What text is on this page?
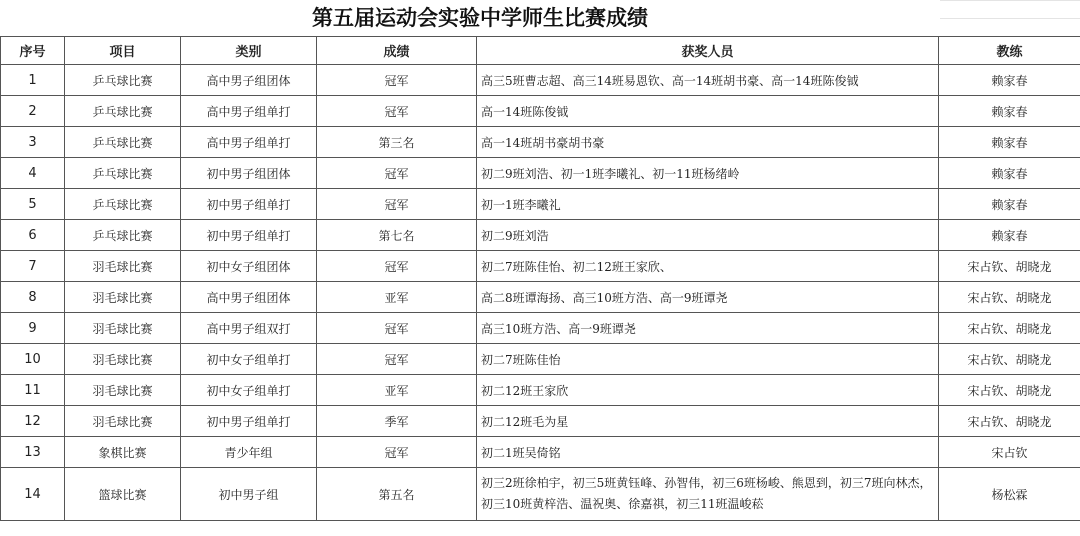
第五届运动会实验中学师生比赛成绩
序号	项目	类别	成绩	获奖人员	教练
1	乒乓球比赛	高中男子组团体	冠军	高三5班曹志超、高三14班易恩钦、高一14班胡书豪、高一14班陈俊钺	赖家春
2	乒乓球比赛	高中男子组单打	冠军	高一14班陈俊钺	赖家春
3	乒乓球比赛	高中男子组单打	第三名	高一14班胡书豪胡书豪	赖家春
4	乒乓球比赛	初中男子组团体	冠军	初二9班刘浩、初一1班李曦礼、初一11班杨绪岭	赖家春
5	乒乓球比赛	初中男子组单打	冠军	初一1班李曦礼	赖家春
6	乒乓球比赛	初中男子组单打	第七名	初二9班刘浩	赖家春
7	羽毛球比赛	初中女子组团体	冠军	初二7班陈佳怡、初二12班王家欣、	宋占钦、胡晓龙
8	羽毛球比赛	高中男子组团体	亚军	高二8班谭海扬、高三10班方浩、高一9班谭尧	宋占钦、胡晓龙
9	羽毛球比赛	高中男子组双打	冠军	高三10班方浩、高一9班谭尧	宋占钦、胡晓龙
10	羽毛球比赛	初中女子组单打	冠军	初二7班陈佳怡	宋占钦、胡晓龙
11	羽毛球比赛	初中女子组单打	亚军	初二12班王家欣	宋占钦、胡晓龙
12	羽毛球比赛	初中男子组单打	季军	初二12班毛为星	宋占钦、胡晓龙
13	象棋比赛	青少年组	冠军	初二1班吴倚铭	宋占钦
14	篮球比赛	初中男子组	第五名	初三2班徐柏宇，初三5班黄钰峰、孙智伟，初三6班杨峻、熊恩到，初三7班向林杰，初三10班黄梓浩、温祝奥、徐嘉祺，初三11班温峻菘	杨松霖
